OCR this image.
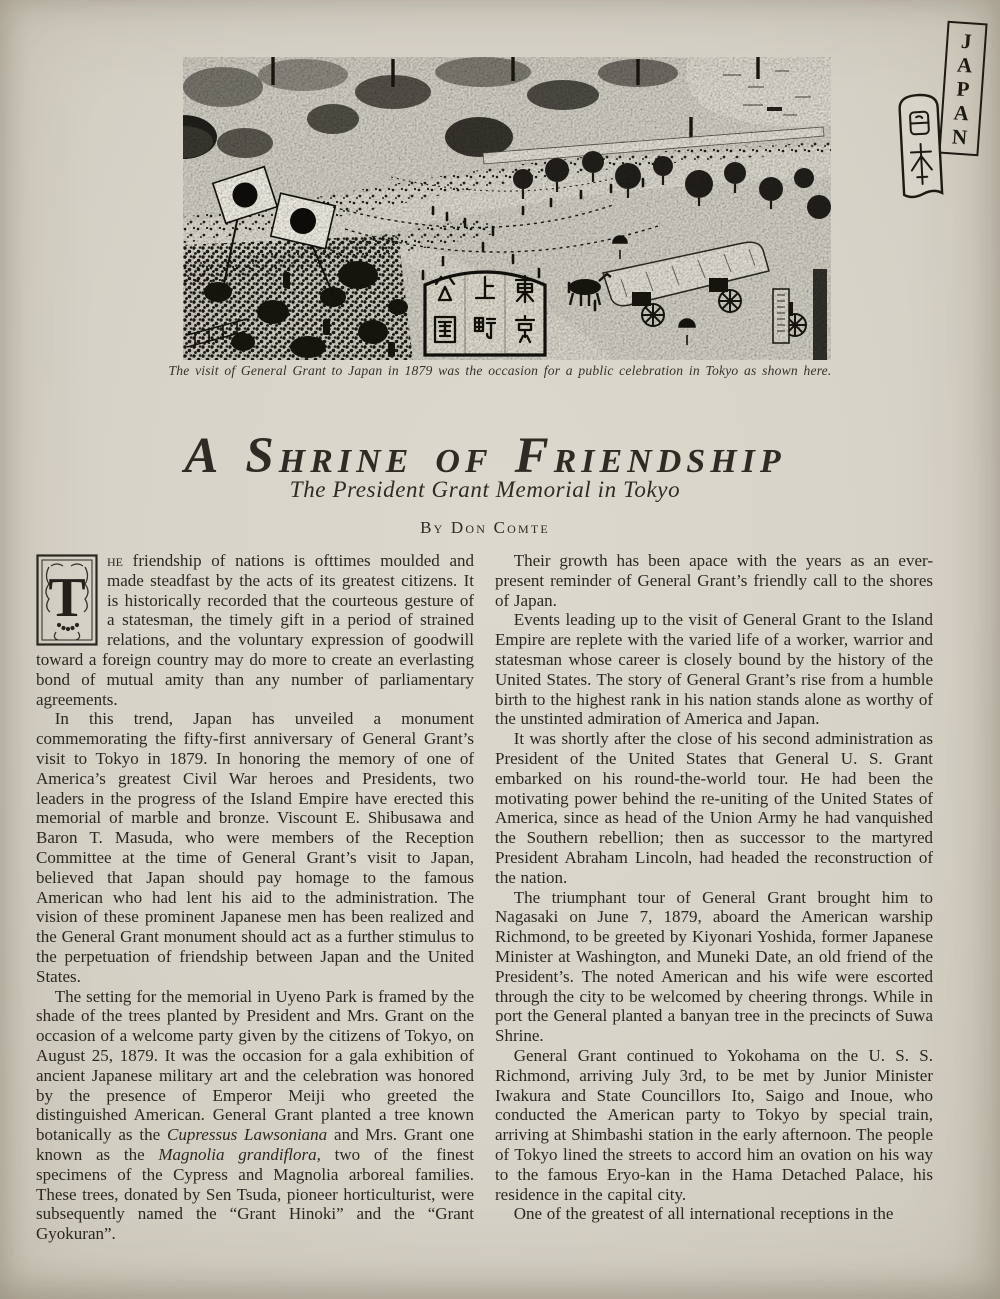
J
A
P
A
N
The visit of General Grant to Japan in 1879 was the occasion for a public celebration in Tokyo as shown here.
A SHRINE OF FRIENDSHIP
The President Grant Memorial in Tokyo
By Don Comte

T
he friendship of nations is ofttimes moulded and made steadfast by the acts of its greatest citizens. It is historically recorded that the courteous gesture of a statesman, the timely gift in a period of strained relations, and the voluntary expression of goodwill toward a foreign country may do more to create an everlasting bond of mutual amity than any number of parliamentary agreements.

In this trend, Japan has unveiled a monument commemorating the fifty-first anniversary of General Grant’s visit to Tokyo in 1879. In honoring the memory of one of America’s greatest Civil War heroes and Presidents, two leaders in the progress of the Island Empire have erected this memorial of marble and bronze. Viscount E. Shibusawa and Baron T. Masuda, who were members of the Reception Committee at the time of General Grant’s visit to Japan, believed that Japan should pay homage to the famous American who had lent his aid to the administration. The vision of these prominent Japanese men has been realized and the General Grant monument should act as a further stimulus to the perpetuation of friendship between Japan and the United States.

The setting for the memorial in Uyeno Park is framed by the shade of the trees planted by President and Mrs. Grant on the occasion of a welcome party given by the citizens of Tokyo, on August 25, 1879. It was the occasion for a gala exhibition of ancient Japanese military art and the celebration was honored by the presence of Emperor Meiji who greeted the distinguished American. General Grant planted a tree known botanically as the Cupressus Lawsoniana and Mrs. Grant one known as the Magnolia grandiflora, two of the finest specimens of the Cypress and Magnolia arboreal families. These trees, donated by Sen Tsuda, pioneer horticulturist, were subsequently named the “Grant Hinoki” and the “Grant Gyokuran”.

Their growth has been apace with the years as an ever-present reminder of General Grant’s friendly call to the shores of Japan.

Events leading up to the visit of General Grant to the Island Empire are replete with the varied life of a worker, warrior and statesman whose career is closely bound by the history of the United States. The story of General Grant’s rise from a humble birth to the highest rank in his nation stands alone as worthy of the unstinted admiration of America and Japan.

It was shortly after the close of his second administration as President of the United States that General U. S. Grant embarked on his round-the-world tour. He had been the motivating power behind the re-uniting of the United States of America, since as head of the Union Army he had vanquished the Southern rebellion; then as successor to the martyred President Abraham Lincoln, had headed the reconstruction of the nation.

The triumphant tour of General Grant brought him to Nagasaki on June 7, 1879, aboard the American warship Richmond, to be greeted by Kiyonari Yoshida, former Japanese Minister at Washington, and Muneki Date, an old friend of the President’s. The noted American and his wife were escorted through the city to be welcomed by cheering throngs. While in port the General planted a banyan tree in the precincts of Suwa Shrine.

General Grant continued to Yokohama on the U. S. S. Richmond, arriving July 3rd, to be met by Junior Minister Iwakura and State Councillors Ito, Saigo and Inoue, who conducted the American party to Tokyo by special train, arriving at Shimbashi station in the early afternoon. The people of Tokyo lined the streets to accord him an ovation on his way to the famous Eryo-kan in the Hama Detached Palace, his residence in the capital city.

One of the greatest of all international receptions in the
